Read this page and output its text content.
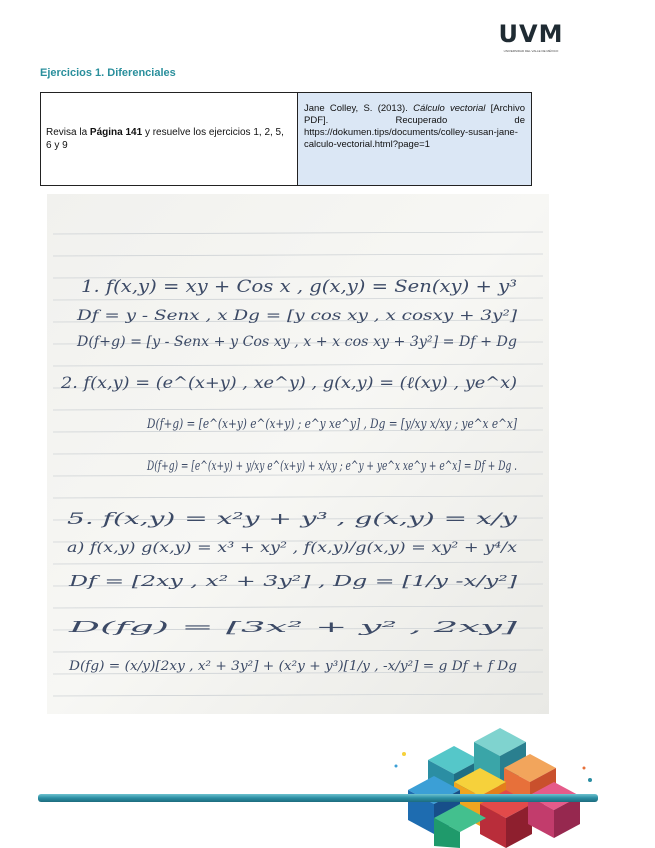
UVM
UNIVERSIDAD DEL VALLE DE MÉXICO
Ejercicios 1. Diferenciales

Revisa la Página 141 y resuelve los ejercicios 1, 2, 5, 6 y 9

Jane Colley, S. (2013). Cálculo vectorial [Archivo PDF]. Recuperado de https://dokumen.tips/documents/colley-susan-jane-calculo-vectorial.html?page=1

1. f(x,y) = xy + Cos x , g(x,y) = Sen(xy) + y³
Df = y - Senx , x Dg = [y cos xy , x cosxy + 3y²]
D(f+g) = [y - Senx + y Cos xy , x + x cos xy + 3y²] = Df + Dg
2. f(x,y) = (e^(x+y) , xe^y) , g(x,y) = (ℓ(xy) , ye^x)
D(f+g) = [e^(x+y) e^(x+y) ; e^y xe^y] , Dg = [y/xy x/xy ; ye^x e^x]
D(f+g) = [e^(x+y) + y/xy e^(x+y) + x/xy ; e^y + ye^x xe^y + e^x] = Df + Dg .
5. f(x,y) = x²y + y³ , g(x,y) = x/y
a) f(x,y) g(x,y) = x³ + xy² , f(x,y)/g(x,y) = xy² + y⁴/x
Df = [2xy , x² + 3y²] , Dg = [1/y -x/y²]
D(fg) = [3x² + y² , 2xy]
D(fg) = (x/y)[2xy , x² + 3y²] + (x²y + y³)[1/y , -x/y²] = g Df + f Dg
